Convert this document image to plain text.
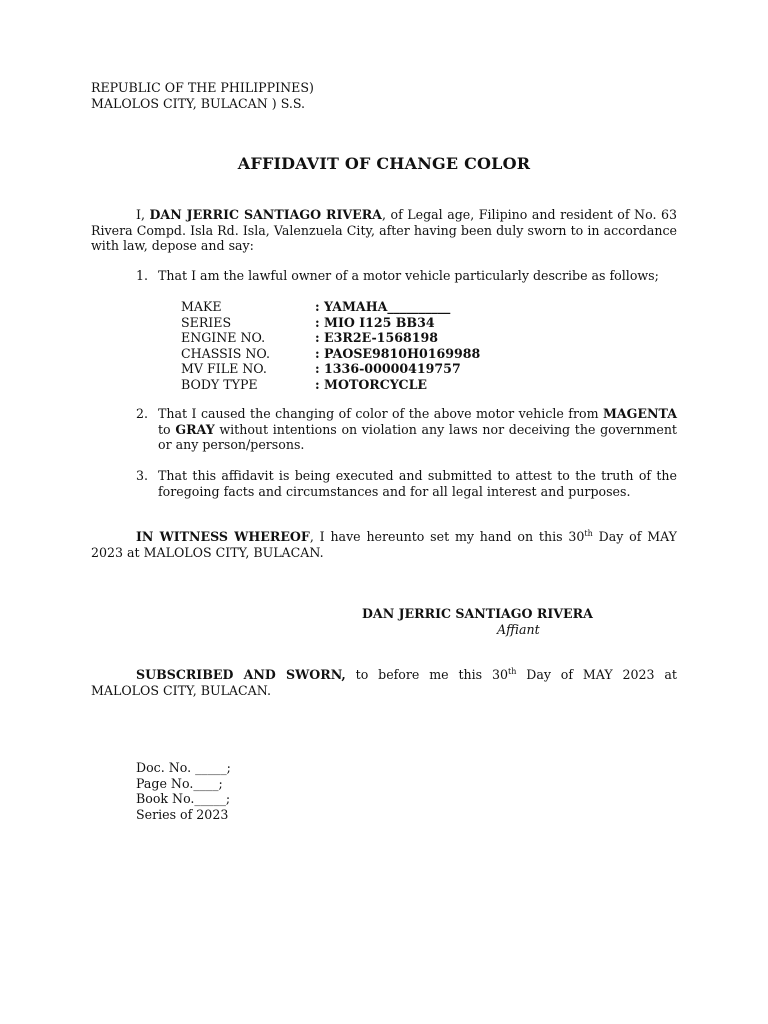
REPUBLIC OF THE PHILIPPINES)
MALOLOS CITY, BULACAN ) S.S.
AFFIDAVIT OF CHANGE COLOR
I, DAN JERRIC SANTIAGO RIVERA, of Legal age, Filipino and resident of No. 63 Rivera Compd. Isla Rd. Isla, Valenzuela City, after having been duly sworn to in accordance with law, depose and say:
1. That I am the lawful owner of a motor vehicle particularly describe as follows;
MAKE	: YAMAHA__________
SERIES	: MIO I125 BB34
ENGINE NO.	: E3R2E-1568198
CHASSIS NO.	: PAOSE9810H0169988
MV FILE NO.	: 1336-00000419757
BODY TYPE	: MOTORCYCLE
2. That I caused the changing of color of the above motor vehicle from MAGENTA to GRAY without intentions on violation any laws nor deceiving the government or any person/persons.
3. That this affidavit is being executed and submitted to attest to the truth of the foregoing facts and circumstances and for all legal interest and purposes.
IN WITNESS WHEREOF, I have hereunto set my hand on this 30th Day of MAY 2023 at MALOLOS CITY, BULACAN.
DAN JERRIC SANTIAGO RIVERA
Affiant
SUBSCRIBED AND SWORN, to before me this 30th Day of MAY 2023 at MALOLOS CITY, BULACAN.
Doc. No. _____;
Page No.____;
Book No._____;
Series of 2023
